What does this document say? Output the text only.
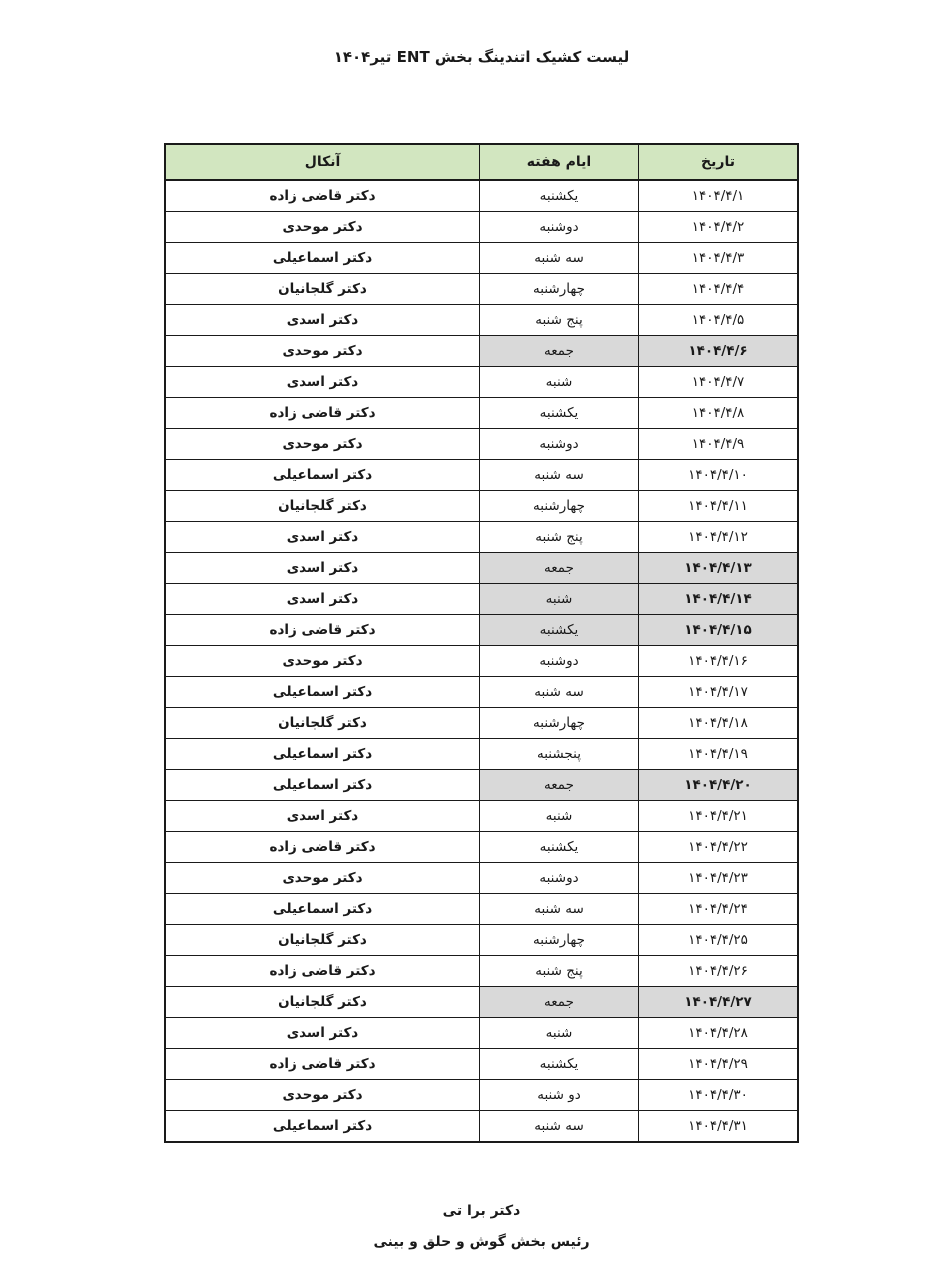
لیست کشیک اتندینگ بخش ENT تیر۱۴۰۴
تاریخ	ایام هفته	آنکال
۱۴۰۴/۴/۱	یکشنبه	دکتر قاضی زاده
۱۴۰۴/۴/۲	دوشنبه	دکتر موحدی
۱۴۰۴/۴/۳	سه شنبه	دکتر اسماعیلی
۱۴۰۴/۴/۴	چهارشنبه	دکتر گلجانیان
۱۴۰۴/۴/۵	پنج شنبه	دکتر اسدی
۱۴۰۴/۴/۶	جمعه	دکتر موحدی
۱۴۰۴/۴/۷	شنبه	دکتر اسدی
۱۴۰۴/۴/۸	یکشنبه	دکتر قاضی زاده
۱۴۰۴/۴/۹	دوشنبه	دکتر موحدی
۱۴۰۴/۴/۱۰	سه شنبه	دکتر اسماعیلی
۱۴۰۴/۴/۱۱	چهارشنبه	دکتر گلجانیان
۱۴۰۴/۴/۱۲	پنج شنبه	دکتر اسدی
۱۴۰۴/۴/۱۳	جمعه	دکتر اسدی
۱۴۰۴/۴/۱۴	شنبه	دکتر اسدی
۱۴۰۴/۴/۱۵	یکشنبه	دکتر قاضی زاده
۱۴۰۴/۴/۱۶	دوشنبه	دکتر موحدی
۱۴۰۴/۴/۱۷	سه شنبه	دکتر اسماعیلی
۱۴۰۴/۴/۱۸	چهارشنبه	دکتر گلجانیان
۱۴۰۴/۴/۱۹	پنجشنبه	دکتر اسماعیلی
۱۴۰۴/۴/۲۰	جمعه	دکتر اسماعیلی
۱۴۰۴/۴/۲۱	شنبه	دکتر اسدی
۱۴۰۴/۴/۲۲	یکشنبه	دکتر قاضی زاده
۱۴۰۴/۴/۲۳	دوشنبه	دکتر موحدی
۱۴۰۴/۴/۲۴	سه شنبه	دکتر اسماعیلی
۱۴۰۴/۴/۲۵	چهارشنبه	دکتر گلجانیان
۱۴۰۴/۴/۲۶	پنج شنبه	دکتر قاضی زاده
۱۴۰۴/۴/۲۷	جمعه	دکتر گلجانیان
۱۴۰۴/۴/۲۸	شنبه	دکتر اسدی
۱۴۰۴/۴/۲۹	یکشنبه	دکتر قاضی زاده
۱۴۰۴/۴/۳۰	دو شنبه	دکتر موحدی
۱۴۰۴/۴/۳۱	سه شنبه	دکتر اسماعیلی
دکتر برا تی
رئیس بخش گوش و حلق و بینی
